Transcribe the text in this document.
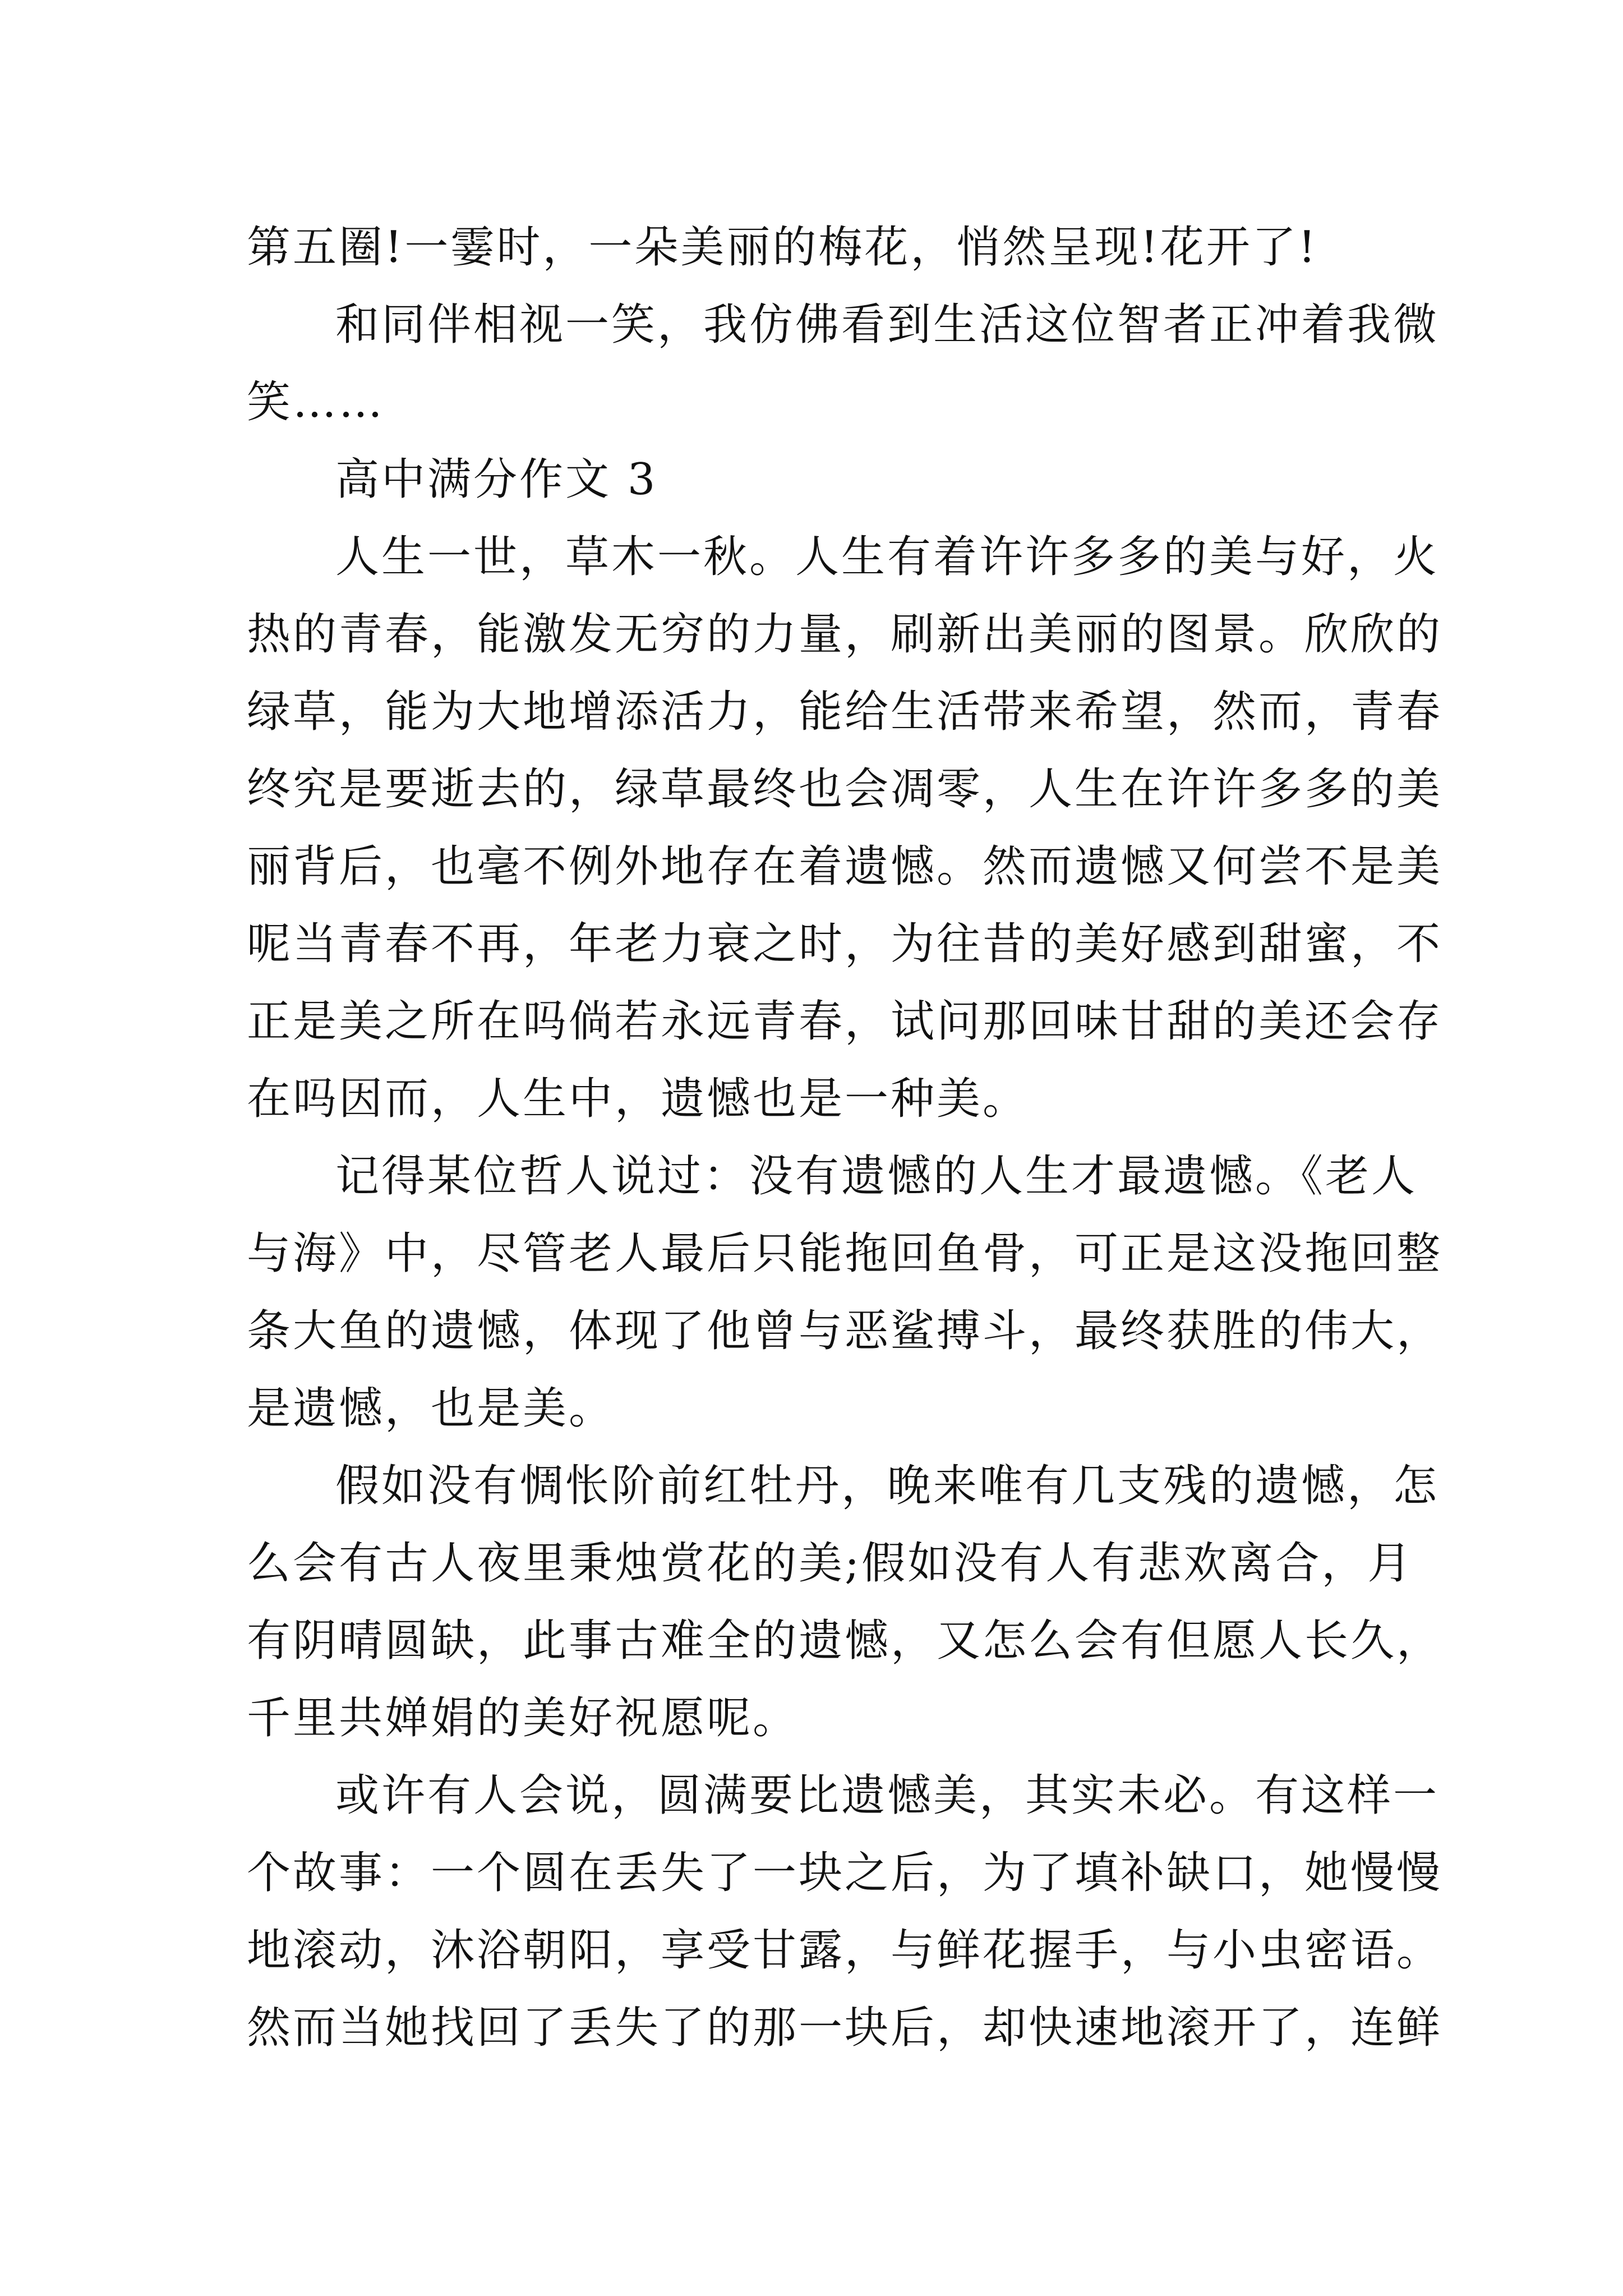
第五圈!一霎时，一朵美丽的梅花，悄然呈现!花开了!

和同伴相视一笑，我仿佛看到生活这位智者正冲着我微
笑……

高中满分作文 3

人生一世，草木一秋。人生有着许许多多的美与好，火
热的青春，能激发无穷的力量，刷新出美丽的图景。欣欣的
绿草，能为大地增添活力，能给生活带来希望，然而，青春
终究是要逝去的，绿草最终也会凋零，人生在许许多多的美
丽背后，也毫不例外地存在着遗憾。然而遗憾又何尝不是美
呢当青春不再，年老力衰之时，为往昔的美好感到甜蜜，不
正是美之所在吗倘若永远青春，试问那回味甘甜的美还会存
在吗因而，人生中，遗憾也是一种美。

记得某位哲人说过：没有遗憾的人生才最遗憾。《老人
与海》中，尽管老人最后只能拖回鱼骨，可正是这没拖回整
条大鱼的遗憾，体现了他曾与恶鲨搏斗，最终获胜的伟大，
是遗憾，也是美。

假如没有惆怅阶前红牡丹，晚来唯有几支残的遗憾，怎
么会有古人夜里秉烛赏花的美;假如没有人有悲欢离合，月
有阴晴圆缺，此事古难全的遗憾，又怎么会有但愿人长久，
千里共婵娟的美好祝愿呢。

或许有人会说，圆满要比遗憾美，其实未必。有这样一
个故事：一个圆在丢失了一块之后，为了填补缺口，她慢慢
地滚动，沐浴朝阳，享受甘露，与鲜花握手，与小虫密语。
然而当她找回了丢失了的那一块后，却快速地滚开了，连鲜
